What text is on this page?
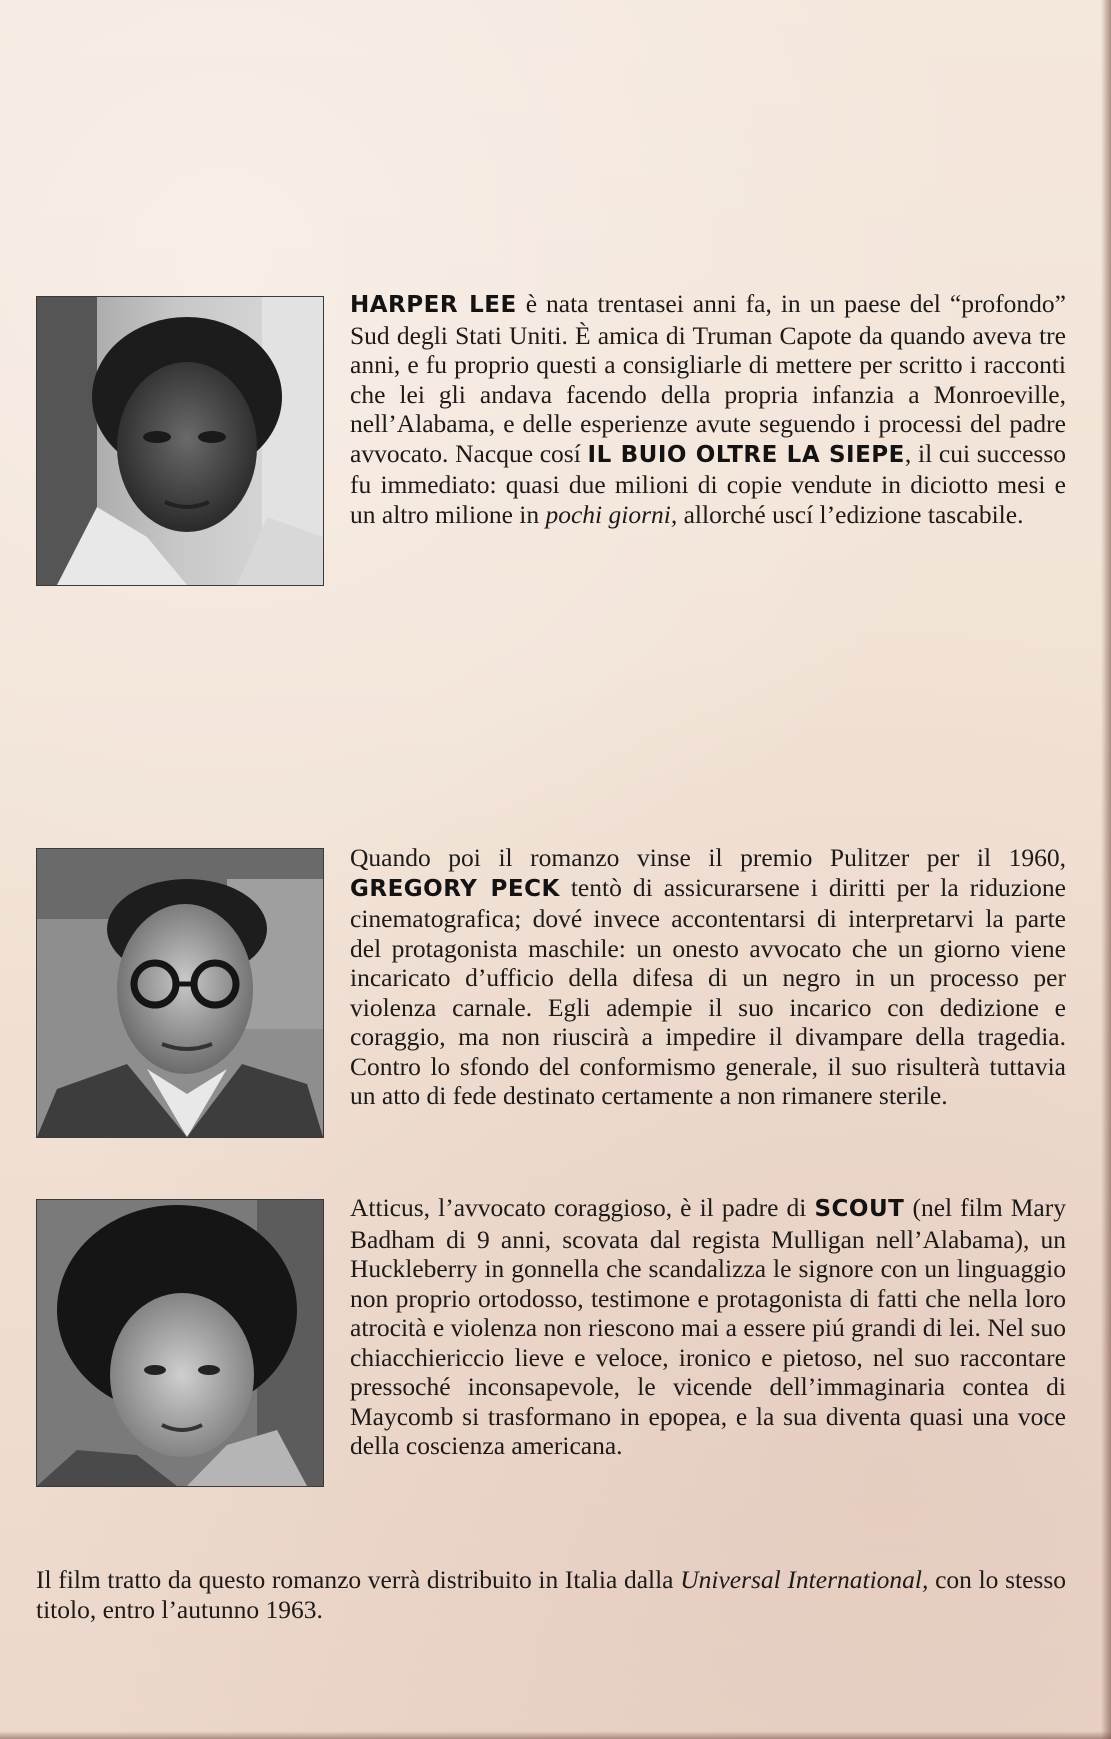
HARPER LEE è nata trentasei anni fa, in un paese del “profondo” Sud degli Stati Uniti. È amica di Truman Capote da quando aveva tre anni, e fu proprio questi a consigliarle di mettere per scritto i racconti che lei gli andava facendo della propria infanzia a Monroeville, nell’Alabama, e delle esperienze avute seguendo i processi del padre avvocato. Nacque cosí IL BUIO OLTRE LA SIEPE, il cui successo fu immediato: quasi due milioni di copie vendute in diciotto mesi e un altro milione in pochi giorni, allorché uscí l’edizione tascabile.
Quando poi il romanzo vinse il premio Pulitzer per il 1960, GREGORY PECK tentò di assicurarsene i diritti per la riduzione cinematografica; dové invece accontentarsi di interpretarvi la parte del protagonista maschile: un onesto avvocato che un giorno viene incaricato d’ufficio della difesa di un negro in un processo per violenza carnale. Egli adempie il suo incarico con dedizione e coraggio, ma non riuscirà a impedire il divampare della tragedia. Contro lo sfondo del conformismo generale, il suo risulterà tuttavia un atto di fede destinato certamente a non rimanere sterile.
Atticus, l’avvocato coraggioso, è il padre di SCOUT (nel film Mary Badham di 9 anni, scovata dal regista Mulligan nell’Alabama), un Huckleberry in gonnella che scandalizza le signore con un linguaggio non proprio ortodosso, testimone e protagonista di fatti che nella loro atrocità e violenza non riescono mai a essere piú grandi di lei. Nel suo chiacchiericcio lieve e veloce, ironico e pietoso, nel suo raccontare pressoché inconsapevole, le vicende dell’immaginaria contea di Maycomb si trasformano in epopea, e la sua diventa quasi una voce della coscienza americana.
Il film tratto da questo romanzo verrà distribuito in Italia dalla Universal International, con lo stesso titolo, entro l’autunno 1963.
